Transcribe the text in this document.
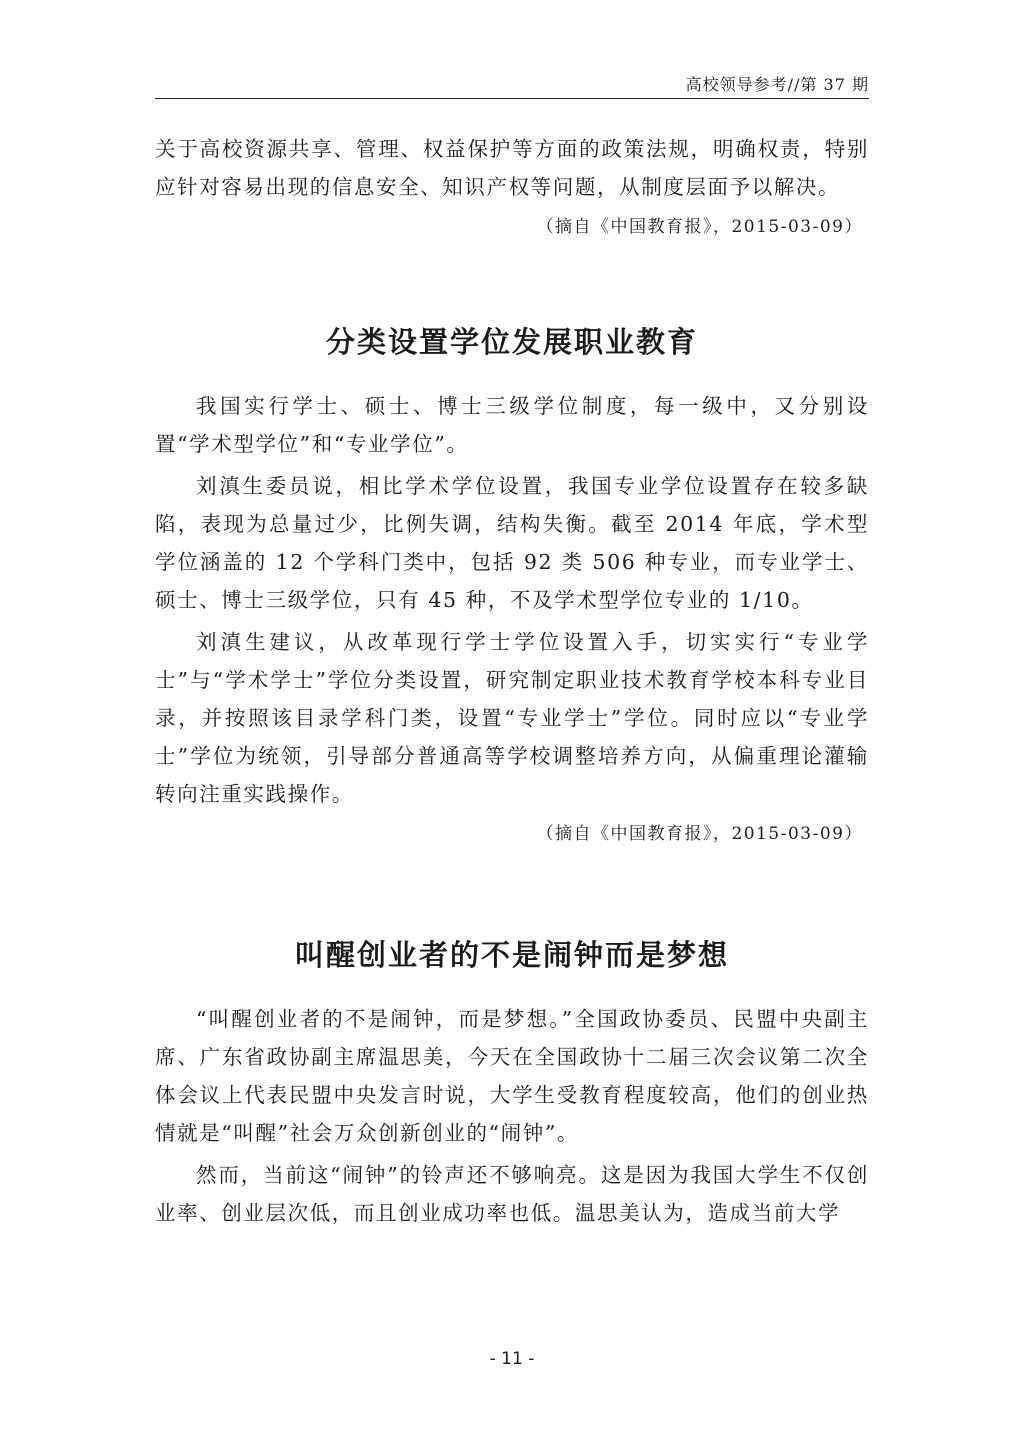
高校领导参考//第 37 期

关于高校资源共享、管理、权益保护等方面的政策法规，明确权责，特别应针对容易出现的信息安全、知识产权等问题，从制度层面予以解决。

（摘自《中国教育报》，2015-03-09）

分类设置学位发展职业教育

我国实行学士、硕士、博士三级学位制度，每一级中，又分别设置“学术型学位”和“专业学位”。

刘滇生委员说，相比学术学位设置，我国专业学位设置存在较多缺陷，表现为总量过少，比例失调，结构失衡。截至 2014 年底，学术型学位涵盖的 12 个学科门类中，包括 92 类 506 种专业，而专业学士、硕士、博士三级学位，只有 45 种，不及学术型学位专业的 1/10。

刘滇生建议，从改革现行学士学位设置入手，切实实行“专业学士”与“学术学士”学位分类设置，研究制定职业技术教育学校本科专业目录，并按照该目录学科门类，设置“专业学士”学位。同时应以“专业学士”学位为统领，引导部分普通高等学校调整培养方向，从偏重理论灌输转向注重实践操作。

（摘自《中国教育报》，2015-03-09）

叫醒创业者的不是闹钟而是梦想

“叫醒创业者的不是闹钟，而是梦想。”全国政协委员、民盟中央副主席、广东省政协副主席温思美，今天在全国政协十二届三次会议第二次全体会议上代表民盟中央发言时说，大学生受教育程度较高，他们的创业热情就是“叫醒”社会万众创新创业的“闹钟”。

然而，当前这“闹钟”的铃声还不够响亮。这是因为我国大学生不仅创业率、创业层次低，而且创业成功率也低。温思美认为，造成当前大学

- 11 -
